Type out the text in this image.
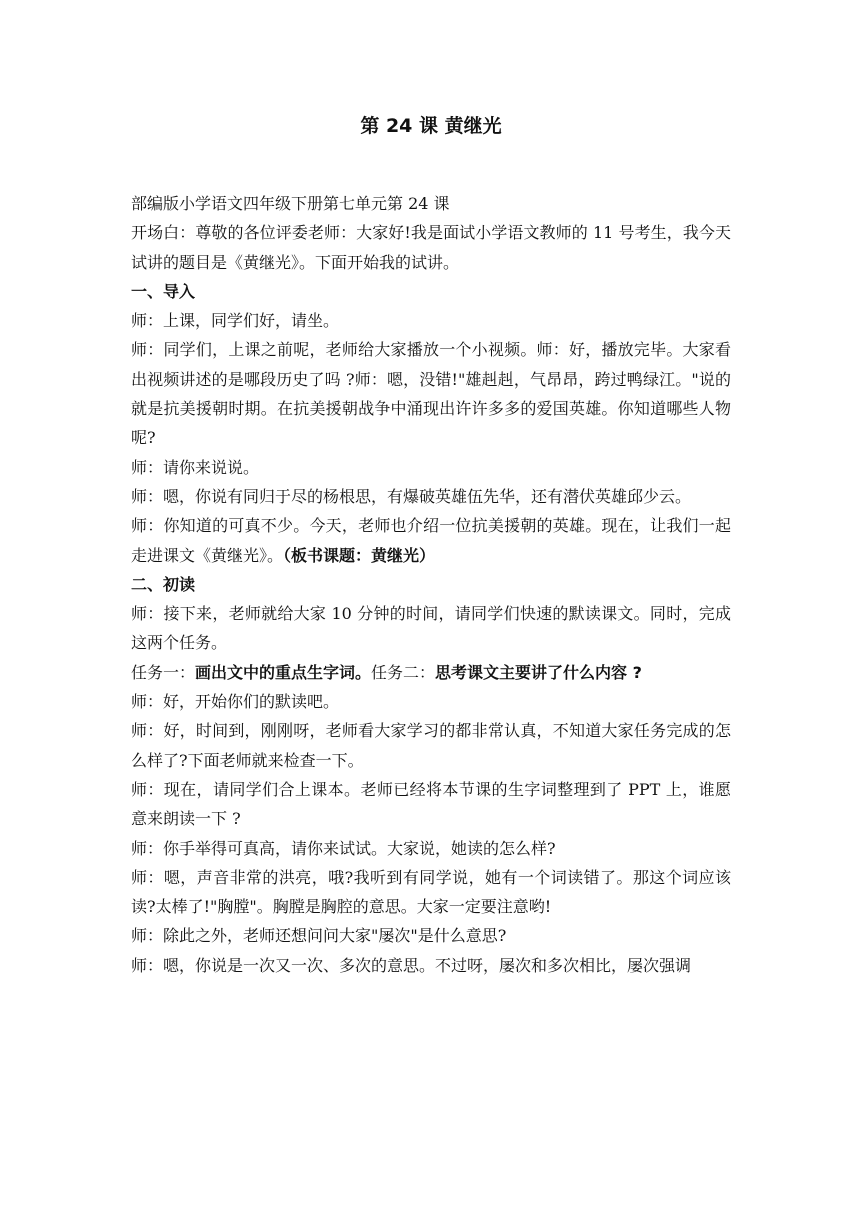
第 24 课 黄继光

部编版小学语文四年级下册第七单元第 24 课

开场白：尊敬的各位评委老师：大家好!我是面试小学语文教师的 11 号考生，我今天试讲的题目是《黄继光》。下面开始我的试讲。

一、导入

师：上课，同学们好，请坐。

师：同学们，上课之前呢，老师给大家播放一个小视频。师：好，播放完毕。大家看出视频讲述的是哪段历史了吗 ?师：嗯，没错!"雄赳赳，气昂昂，跨过鸭绿江。"说的就是抗美援朝时期。在抗美援朝战争中涌现出许许多多的爱国英雄。你知道哪些人物呢?

师：请你来说说。

师：嗯，你说有同归于尽的杨根思，有爆破英雄伍先华，还有潜伏英雄邱少云。

师：你知道的可真不少。今天，老师也介绍一位抗美援朝的英雄。现在，让我们一起走进课文《黄继光》。（板书课题：黄继光）

二、初读

师：接下来，老师就给大家 10 分钟的时间，请同学们快速的默读课文。同时，完成这两个任务。

任务一：画出文中的重点生字词。任务二：思考课文主要讲了什么内容 ?

师：好，开始你们的默读吧。

师：好，时间到，刚刚呀，老师看大家学习的都非常认真，不知道大家任务完成的怎么样了?下面老师就来检查一下。

师：现在，请同学们合上课本。老师已经将本节课的生字词整理到了 PPT 上，谁愿意来朗读一下 ?

师：你手举得可真高，请你来试试。大家说，她读的怎么样?

师：嗯，声音非常的洪亮，哦?我听到有同学说，她有一个词读错了。那这个词应该读?太棒了!"胸膛"。胸膛是胸腔的意思。大家一定要注意哟!

师：除此之外，老师还想问问大家"屡次"是什么意思?

师：嗯，你说是一次又一次、多次的意思。不过呀，屡次和多次相比，屡次强调
